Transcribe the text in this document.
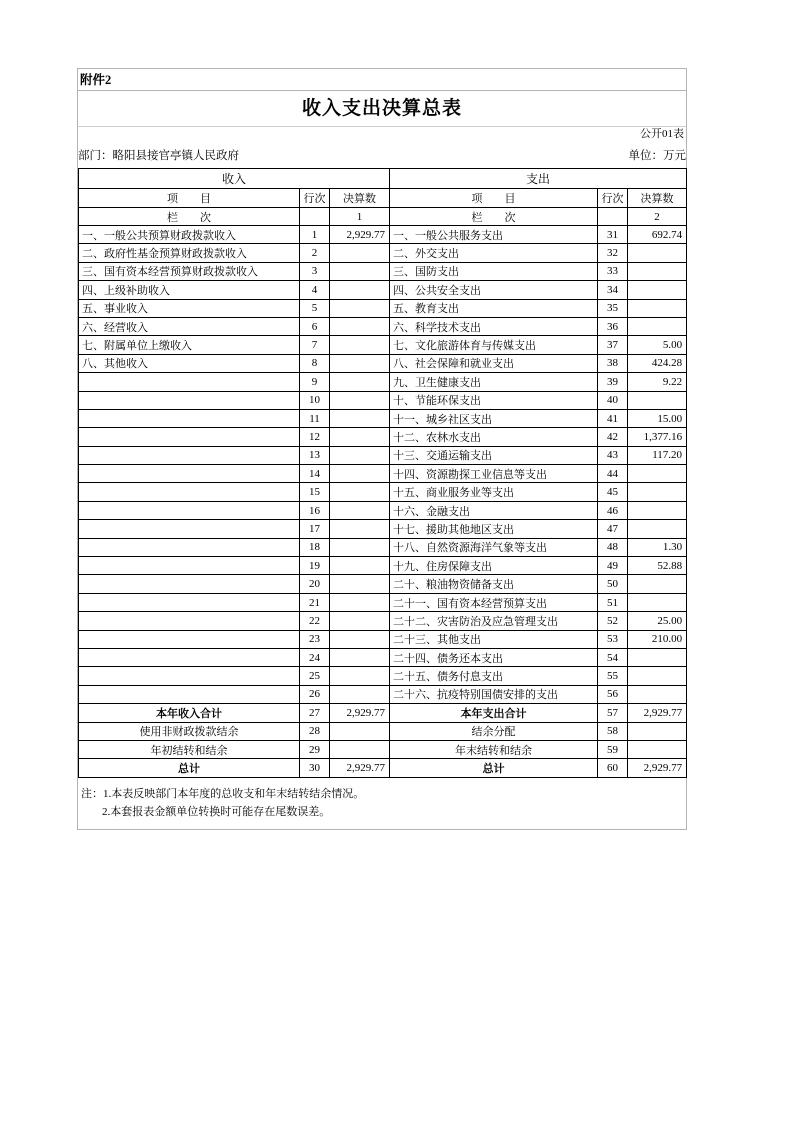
附件2
收入支出决算总表
公开01表
部门：略阳县接官亭镇人民政府	单位：万元
收入			支出		
项　　目	行次	决算数	项　　目	行次	决算数
栏　　次		1	栏　　次		2
一、一般公共预算财政拨款收入	1	2,929.77	一、一般公共服务支出	31	692.74
二、政府性基金预算财政拨款收入	2		二、外交支出	32	
三、国有资本经营预算财政拨款收入	3		三、国防支出	33	
四、上级补助收入	4		四、公共安全支出	34	
五、事业收入	5		五、教育支出	35	
六、经营收入	6		六、科学技术支出	36	
七、附属单位上缴收入	7		七、文化旅游体育与传媒支出	37	5.00
八、其他收入	8		八、社会保障和就业支出	38	424.28
	9		九、卫生健康支出	39	9.22
	10		十、节能环保支出	40	
	11		十一、城乡社区支出	41	15.00
	12		十二、农林水支出	42	1,377.16
	13		十三、交通运输支出	43	117.20
	14		十四、资源勘探工业信息等支出	44	
	15		十五、商业服务业等支出	45	
	16		十六、金融支出	46	
	17		十七、援助其他地区支出	47	
	18		十八、自然资源海洋气象等支出	48	1.30
	19		十九、住房保障支出	49	52.88
	20		二十、粮油物资储备支出	50	
	21		二十一、国有资本经营预算支出	51	
	22		二十二、灾害防治及应急管理支出	52	25.00
	23		二十三、其他支出	53	210.00
	24		二十四、债务还本支出	54	
	25		二十五、债务付息支出	55	
	26		二十六、抗疫特别国债安排的支出	56	
本年收入合计	27	2,929.77	本年支出合计	57	2,929.77
使用非财政拨款结余	28		结余分配	58	
年初结转和结余	29		年末结转和结余	59	
总计	30	2,929.77	总计	60	2,929.77
注：1.本表反映部门本年度的总收支和年末结转结余情况。
2.本套报表金额单位转换时可能存在尾数误差。
